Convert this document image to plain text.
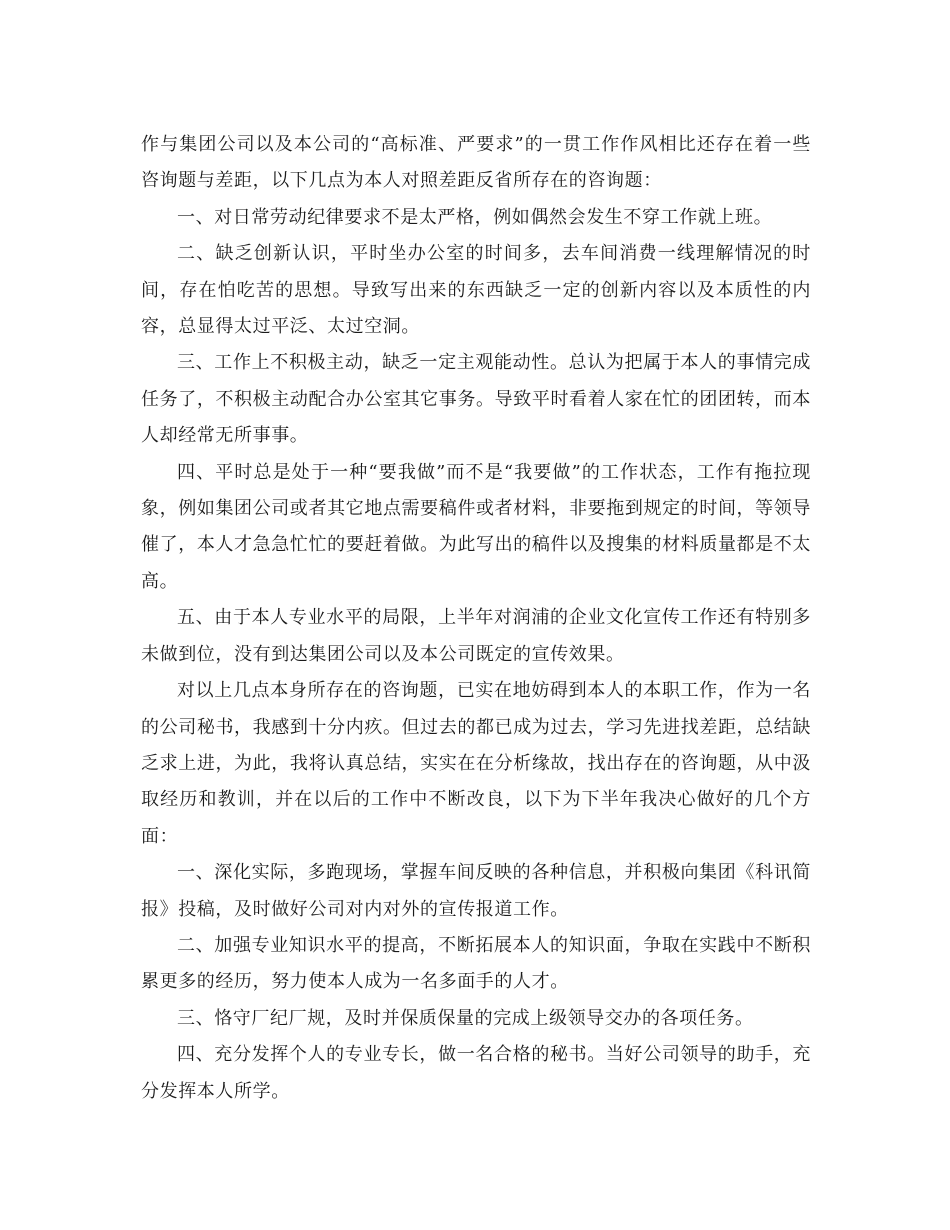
作与集团公司以及本公司的“高标准、严要求”的一贯工作作风相比还存在着一些咨询题与差距，以下几点为本人对照差距反省所存在的咨询题：

一、对日常劳动纪律要求不是太严格，例如偶然会发生不穿工作就上班。

二、缺乏创新认识，平时坐办公室的时间多，去车间消费一线理解情况的时间，存在怕吃苦的思想。导致写出来的东西缺乏一定的创新内容以及本质性的内容，总显得太过平泛、太过空洞。

三、工作上不积极主动，缺乏一定主观能动性。总认为把属于本人的事情完成任务了，不积极主动配合办公室其它事务。导致平时看着人家在忙的团团转，而本人却经常无所事事。

四、平时总是处于一种“要我做”而不是“我要做”的工作状态，工作有拖拉现象，例如集团公司或者其它地点需要稿件或者材料，非要拖到规定的时间，等领导催了，本人才急急忙忙的要赶着做。为此写出的稿件以及搜集的材料质量都是不太高。

五、由于本人专业水平的局限，上半年对润浦的企业文化宣传工作还有特别多未做到位，没有到达集团公司以及本公司既定的宣传效果。

对以上几点本身所存在的咨询题，已实在地妨碍到本人的本职工作，作为一名的公司秘书，我感到十分内疚。但过去的都已成为过去，学习先进找差距，总结缺乏求上进，为此，我将认真总结，实实在在分析缘故，找出存在的咨询题，从中汲取经历和教训，并在以后的工作中不断改良，以下为下半年我决心做好的几个方面：

一、深化实际，多跑现场，掌握车间反映的各种信息，并积极向集团《科讯简报》投稿，及时做好公司对内对外的宣传报道工作。

二、加强专业知识水平的提高，不断拓展本人的知识面，争取在实践中不断积累更多的经历，努力使本人成为一名多面手的人才。

三、恪守厂纪厂规，及时并保质保量的完成上级领导交办的各项任务。

四、充分发挥个人的专业专长，做一名合格的秘书。当好公司领导的助手，充分发挥本人所学。
